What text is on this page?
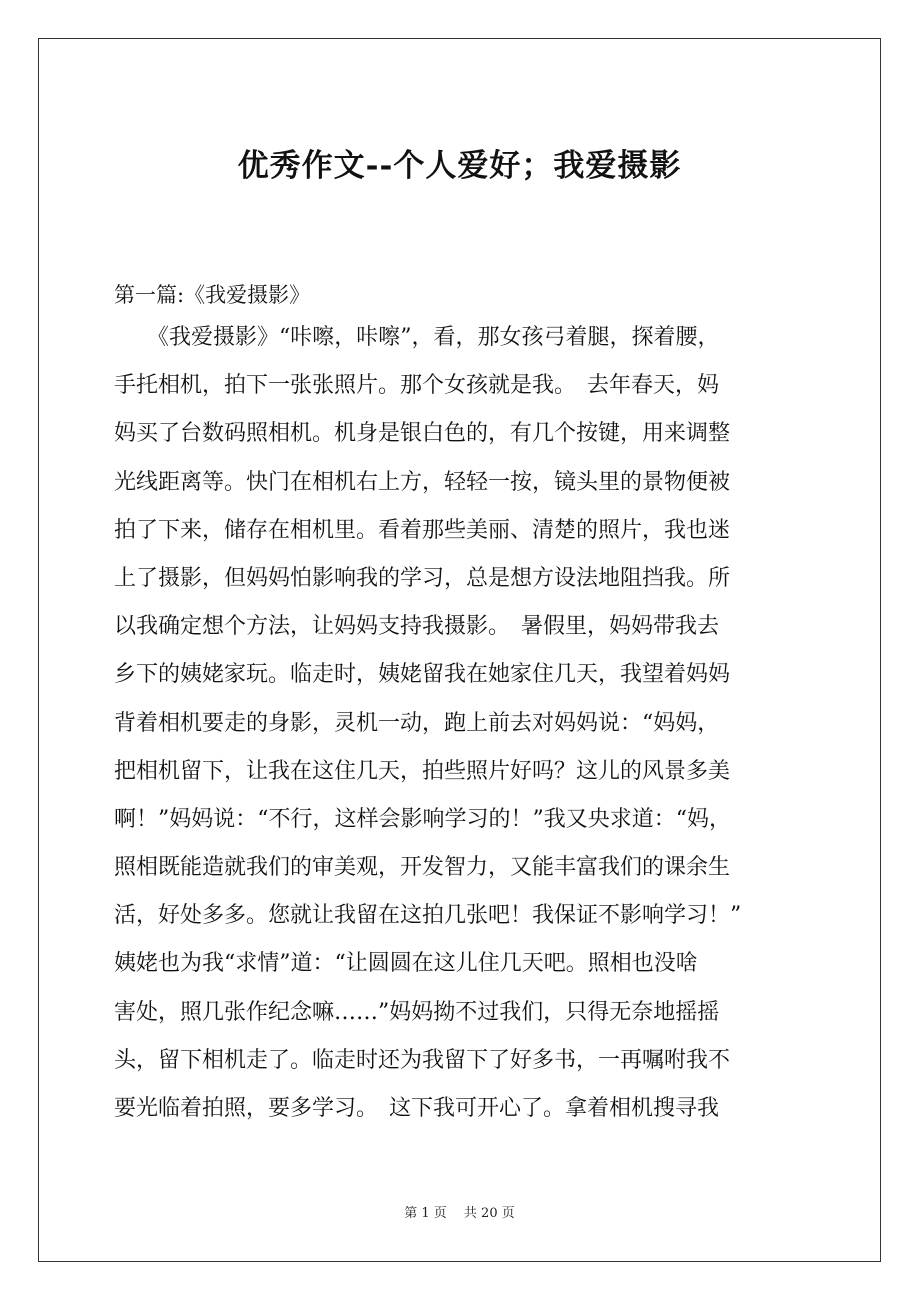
优秀作文--个人爱好；我爱摄影

第一篇:《我爱摄影》

　　《我爱摄影》“咔嚓，咔嚓”，看，那女孩弓着腿，探着腰，
手托相机，拍下一张张照片。那个女孩就是我。　去年春天，妈
妈买了台数码照相机。机身是银白色的，有几个按键，用来调整
光线距离等。快门在相机右上方，轻轻一按，镜头里的景物便被
拍了下来，储存在相机里。看着那些美丽、清楚的照片，我也迷
上了摄影，但妈妈怕影响我的学习，总是想方设法地阻挡我。所
以我确定想个方法，让妈妈支持我摄影。　暑假里，妈妈带我去
乡下的姨姥家玩。临走时，姨姥留我在她家住几天，我望着妈妈
背着相机要走的身影，灵机一动，跑上前去对妈妈说：“妈妈，
把相机留下，让我在这住几天，拍些照片好吗？这儿的风景多美
啊！”妈妈说：“不行，这样会影响学习的！”我又央求道：“妈，
照相既能造就我们的审美观，开发智力，又能丰富我们的课余生
活，好处多多。您就让我留在这拍几张吧！我保证不影响学习！”
姨姥也为我“求情”道：“让圆圆在这儿住几天吧。照相也没啥
害处，照几张作纪念嘛……”妈妈拗不过我们，只得无奈地摇摇
头，留下相机走了。临走时还为我留下了好多书，一再嘱咐我不
要光临着拍照，要多学习。　这下我可开心了。拿着相机搜寻我
第 1 页　 共 20 页
